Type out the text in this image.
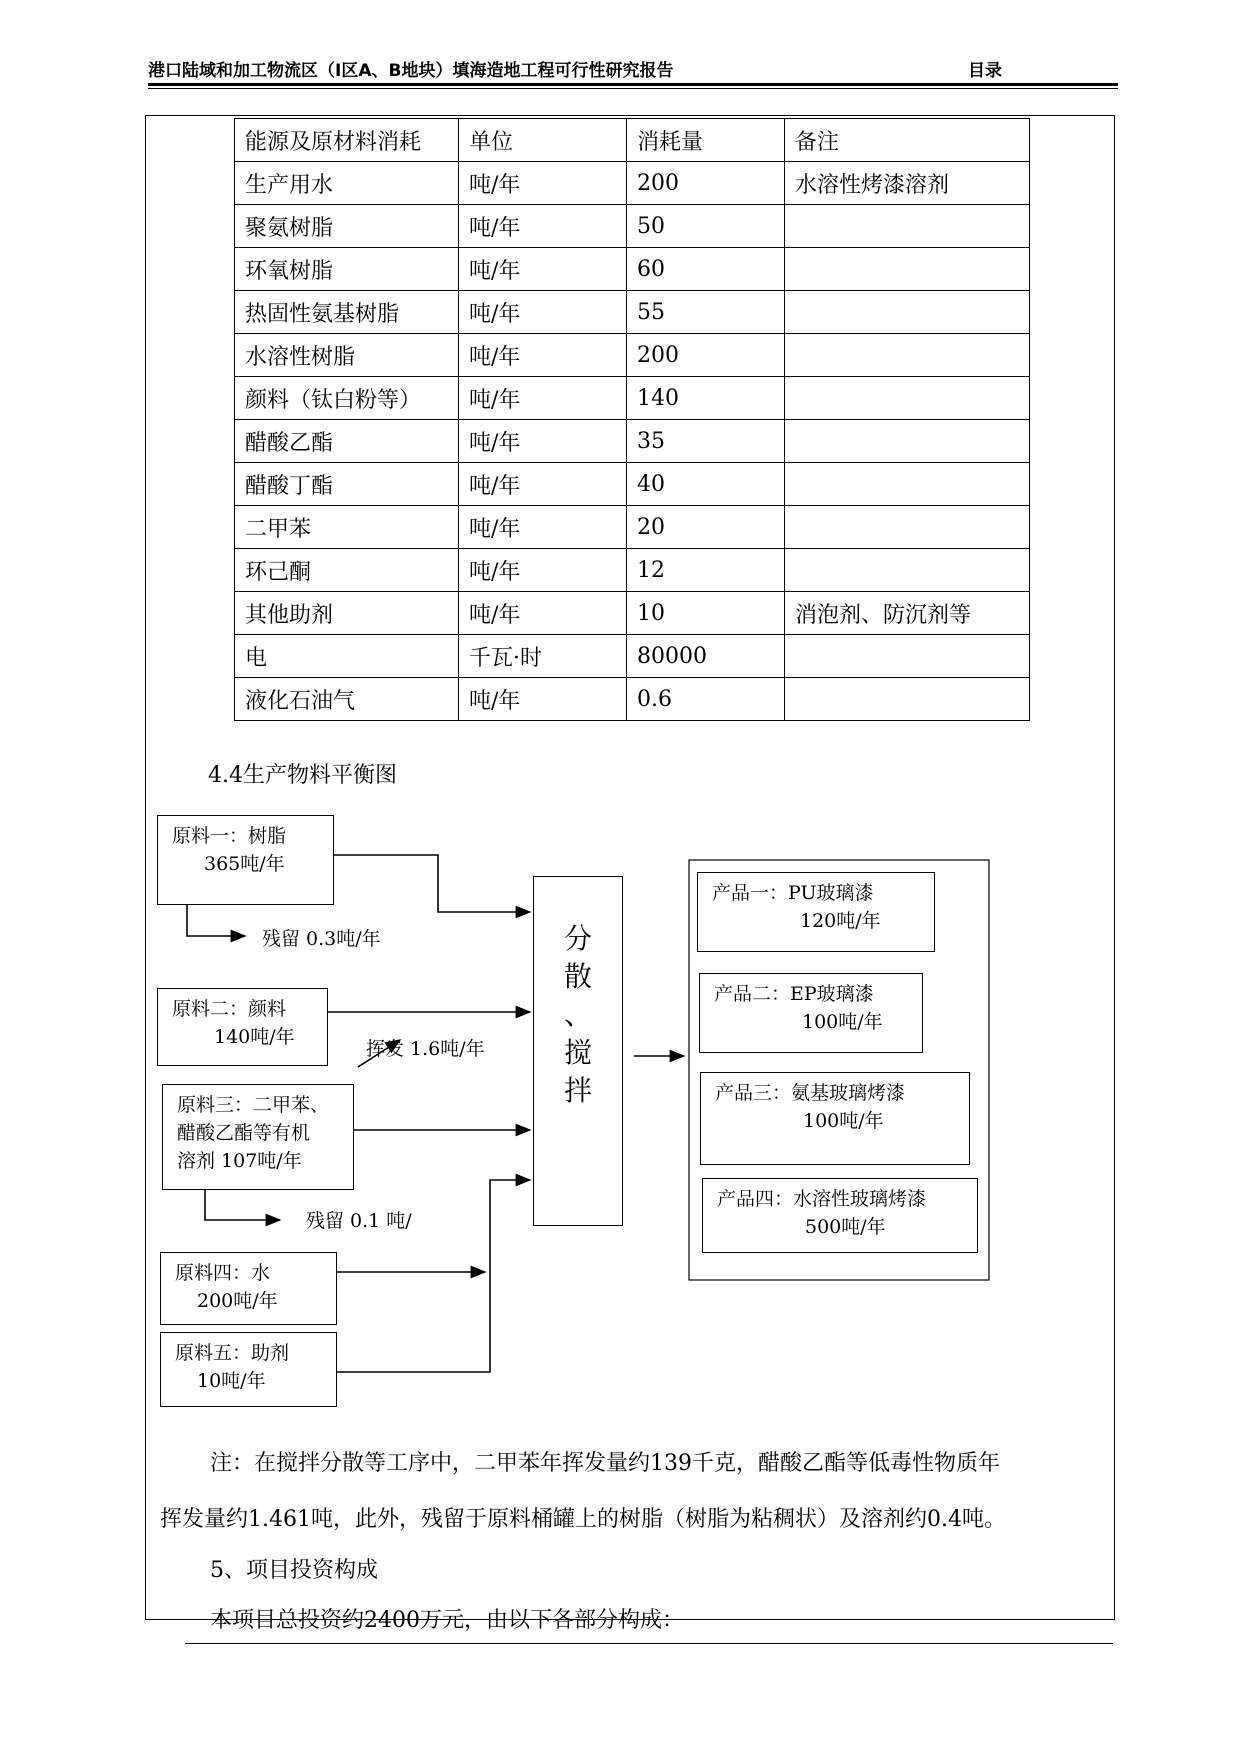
港口陆域和加工物流区（Ⅰ区A、B地块）填海造地工程可行性研究报告	目录
能源及原材料消耗	单位	消耗量	备注
生产用水	吨/年	200	水溶性烤漆溶剂
聚氨树脂	吨/年	50	
环氧树脂	吨/年	60	
热固性氨基树脂	吨/年	55	
水溶性树脂	吨/年	200	
颜料（钛白粉等）	吨/年	140	
醋酸乙酯	吨/年	35	
醋酸丁酯	吨/年	40	
二甲苯	吨/年	20	
环己酮	吨/年	12	
其他助剂	吨/年	10	消泡剂、防沉剂等
电	千瓦·时	80000	
液化石油气	吨/年	0.6	
4.4生产物料平衡图
原料一：树脂
365吨/年
残留 0.3吨/年
原料二：颜料
140吨/年
挥发 1.6吨/年
原料三：二甲苯、
醋酸乙酯等有机
溶剂 107吨/年
残留 0.1 吨/
原料四：水
200吨/年
原料五：助剂
10吨/年
分
散
、
搅
拌
产品一：PU玻璃漆
120吨/年
产品二：EP玻璃漆
100吨/年
产品三：氨基玻璃烤漆
100吨/年
产品四：水溶性玻璃烤漆
500吨/年
注：在搅拌分散等工序中，二甲苯年挥发量约139千克，醋酸乙酯等低毒性物质年
挥发量约1.461吨，此外，残留于原料桶罐上的树脂（树脂为粘稠状）及溶剂约0.4吨。
5、项目投资构成
本项目总投资约2400万元，由以下各部分构成：
